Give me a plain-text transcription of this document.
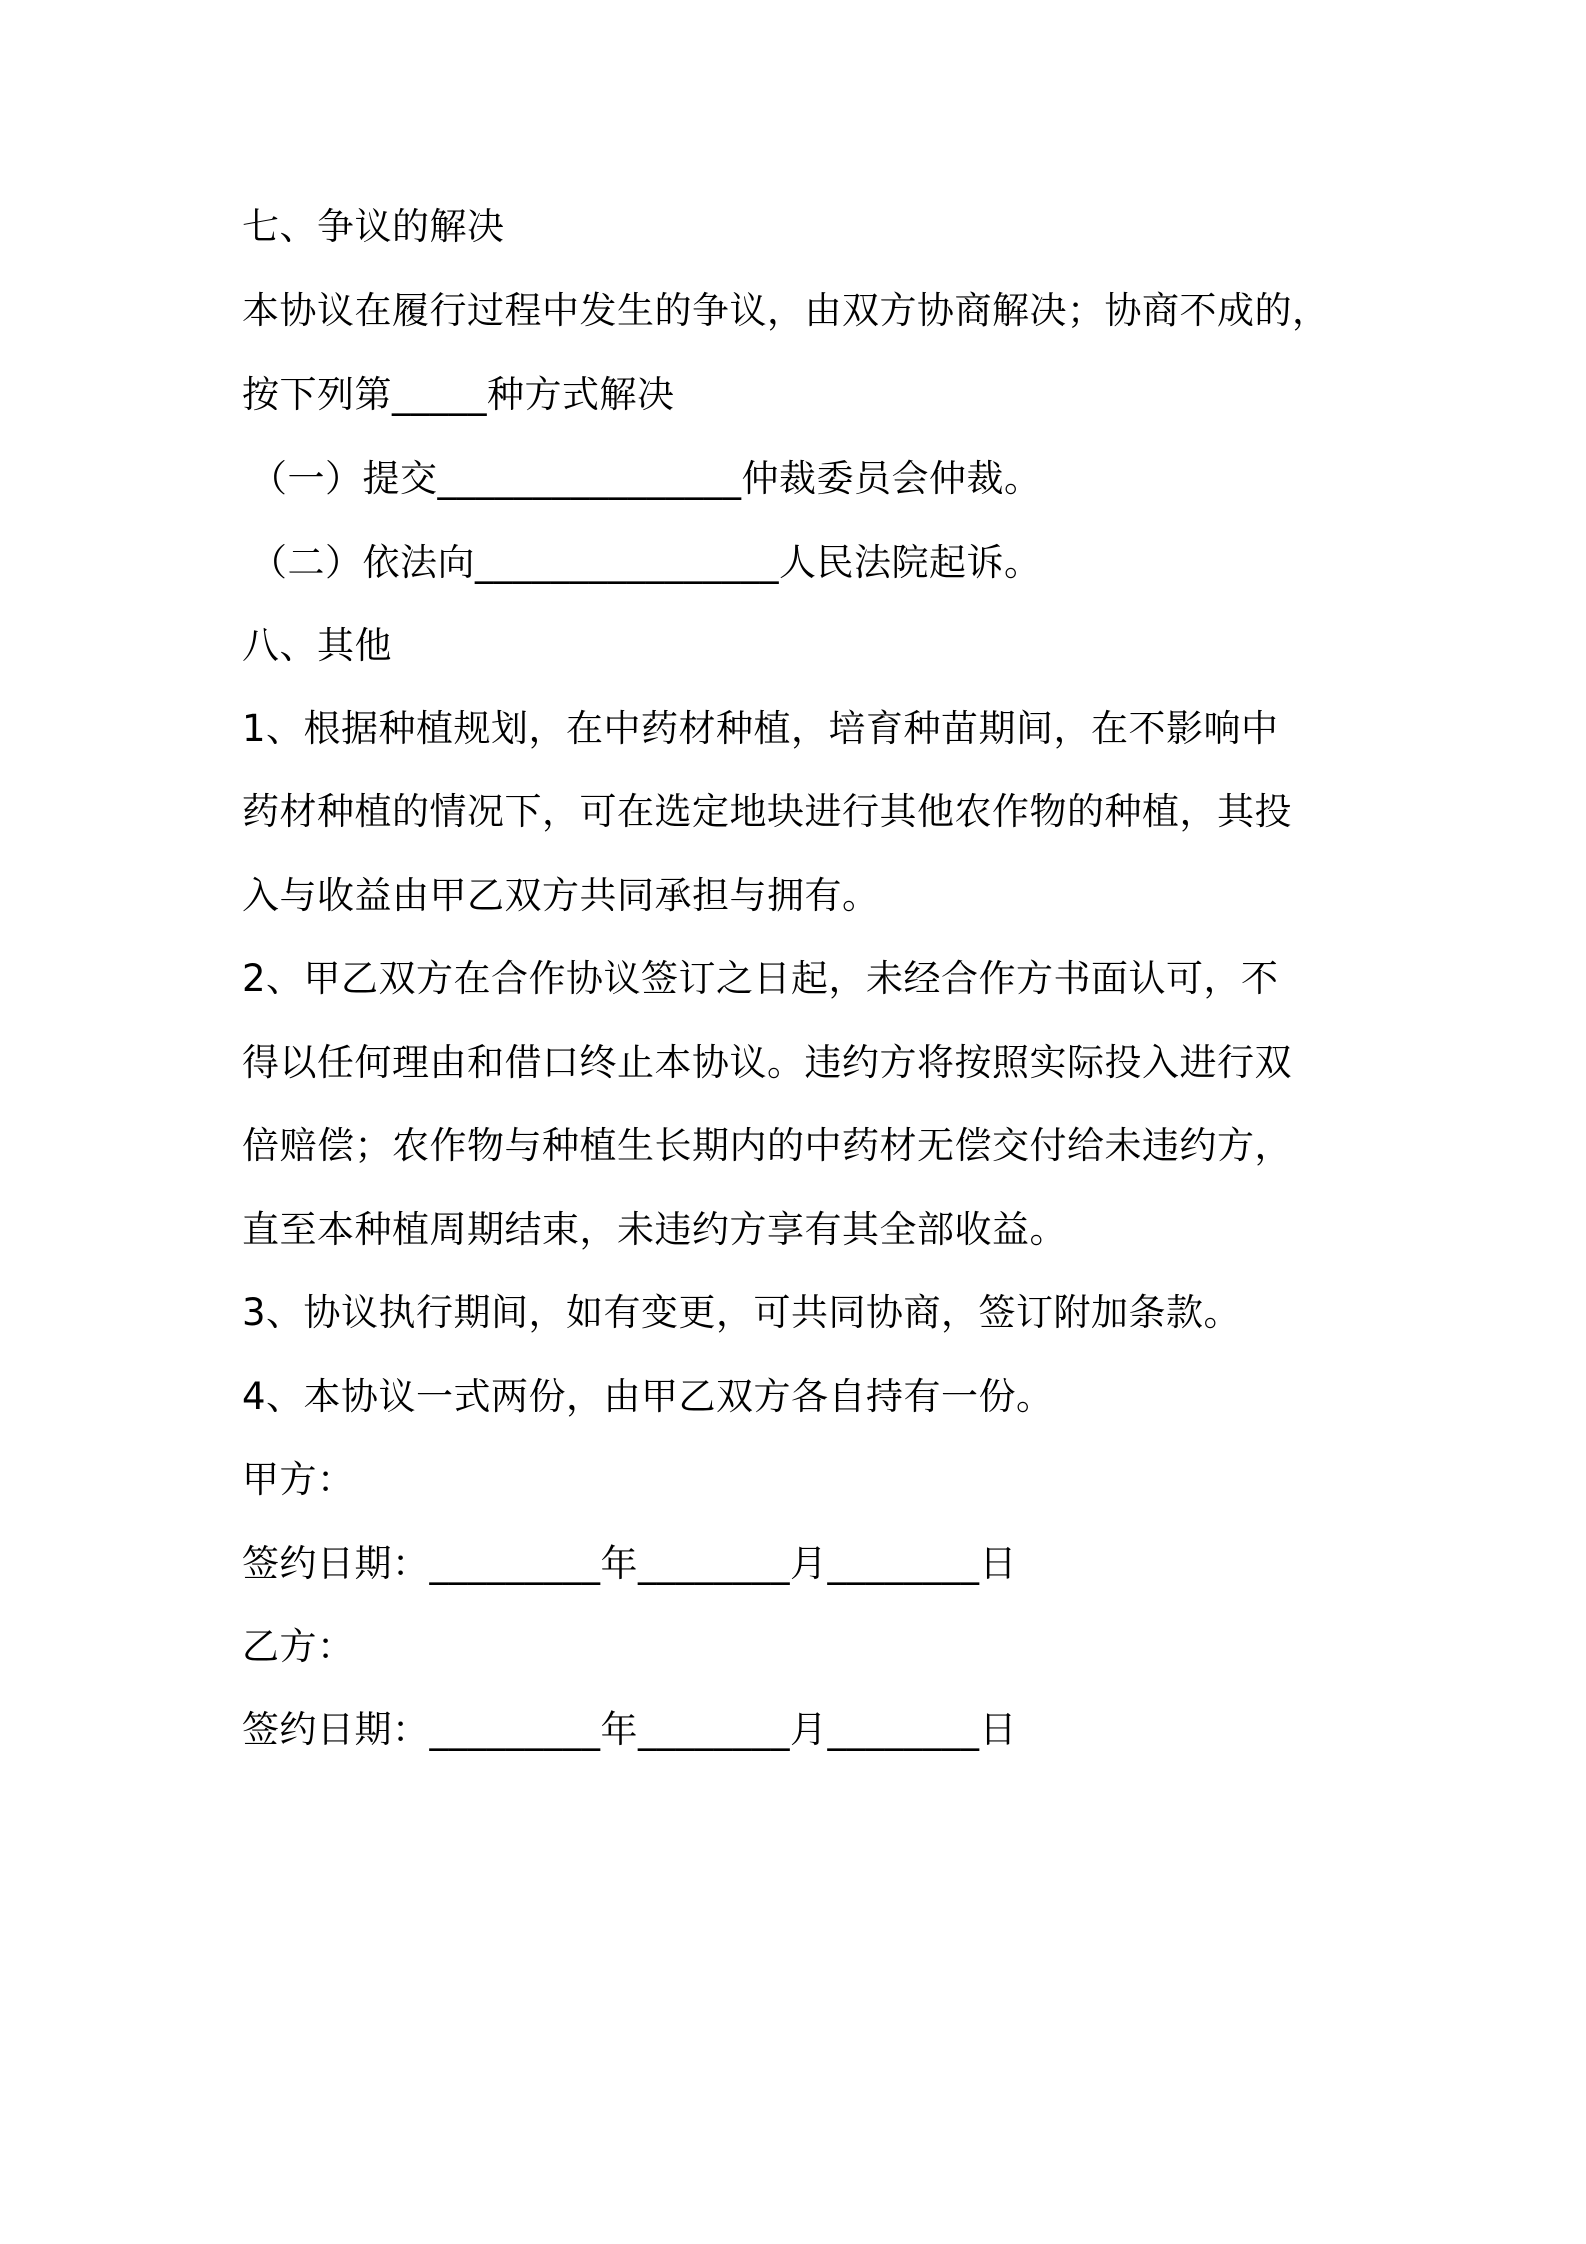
七、争议的解决
本协议在履行过程中发生的争议，由双方协商解决；协商不成的，
按下列第_____种方式解决
（一）提交________________仲裁委员会仲裁。
（二）依法向________________人民法院起诉。
八、其他
1、根据种植规划，在中药材种植，培育种苗期间，在不影响中
药材种植的情况下，可在选定地块进行其他农作物的种植，其投
入与收益由甲乙双方共同承担与拥有。
2、甲乙双方在合作协议签订之日起，未经合作方书面认可，不
得以任何理由和借口终止本协议。违约方将按照实际投入进行双
倍赔偿；农作物与种植生长期内的中药材无偿交付给未违约方，
直至本种植周期结束，未违约方享有其全部收益。
3、协议执行期间，如有变更，可共同协商，签订附加条款。
4、本协议一式两份，由甲乙双方各自持有一份。
甲方：
签约日期：_________年________月________日
乙方：
签约日期：_________年________月________日
